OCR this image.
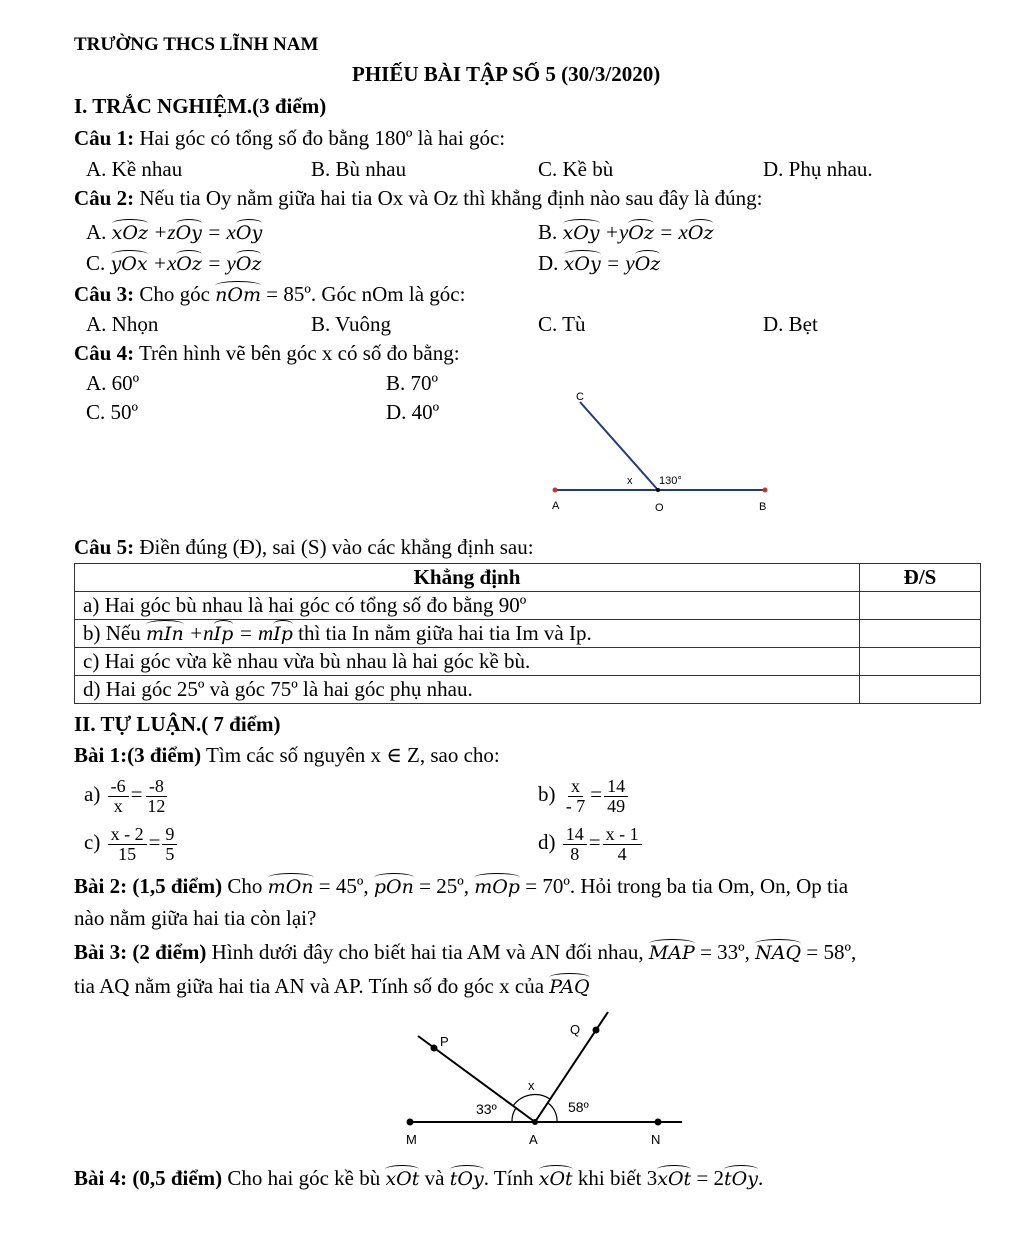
TRƯỜNG THCS LĨNH NAM
PHIẾU BÀI TẬP SỐ 5 (30/3/2020)
I. TRẮC NGHIỆM.(3 điểm)
Câu 1: Hai góc có tổng số đo bằng 180º là hai góc:
A. Kề nhau	B. Bù nhau	C. Kề bù	D. Phụ nhau.
Câu 2: Nếu tia Oy nằm giữa hai tia Ox và Oz thì khẳng định nào sau đây là đúng:
A. xOz +zOy = xOy	B. xOy +yOz = xOz
C. yOx +xOz = yOz	D. xOy = yOz
Câu 3: Cho góc nOm = 85º. Góc nOm là góc:
A. Nhọn	B. Vuông	C. Tù	D. Bẹt
Câu 4: Trên hình vẽ bên góc x có số đo bằng:
A. 60º	B. 70º
C. 50º	D. 40º
C
A	O	B
x 130°
Câu 5: Điền đúng (Đ), sai (S) vào các khẳng định sau:
Khẳng định	Đ/S
a) Hai góc bù nhau là hai góc có tổng số đo bằng 90º	
b) Nếu mIn +nIp = mIp thì tia In nằm giữa hai tia Im và Ip.	
c) Hai góc vừa kề nhau vừa bù nhau là hai góc kề bù.	
d) Hai góc 25º và góc 75º là hai góc phụ nhau.	
II. TỰ LUẬN.( 7 điểm)
Bài 1:(3 điểm) Tìm các số nguyên x ∈ Z, sao cho:
$a) \frac{-6}{x} = \frac{-8}{12}$	$b) \frac{x}{- 7} = \frac{14}{49}$
$c) \frac{x - 2}{15} = \frac{9}{5}$	$d) \frac{14}{8} = \frac{x - 1}{4}$
Bài 2: (1,5 điểm) Cho mOn = 45º, pOn = 25º, mOp = 70º. Hỏi trong ba tia Om, On, Op tia
nào nằm giữa hai tia còn lại?
Bài 3: (2 điểm) Hình dưới đây cho biết hai tia AM và AN đối nhau, MAP = 33º, NAQ = 58º,
tia AQ nằm giữa hai tia AN và AP. Tính số đo góc x của PAQ
P
Q
M	A	N
x
33º	58º
Bài 4: (0,5 điểm) Cho hai góc kề bù xOt và tOy. Tính xOt khi biết 3xOt = 2tOy.
